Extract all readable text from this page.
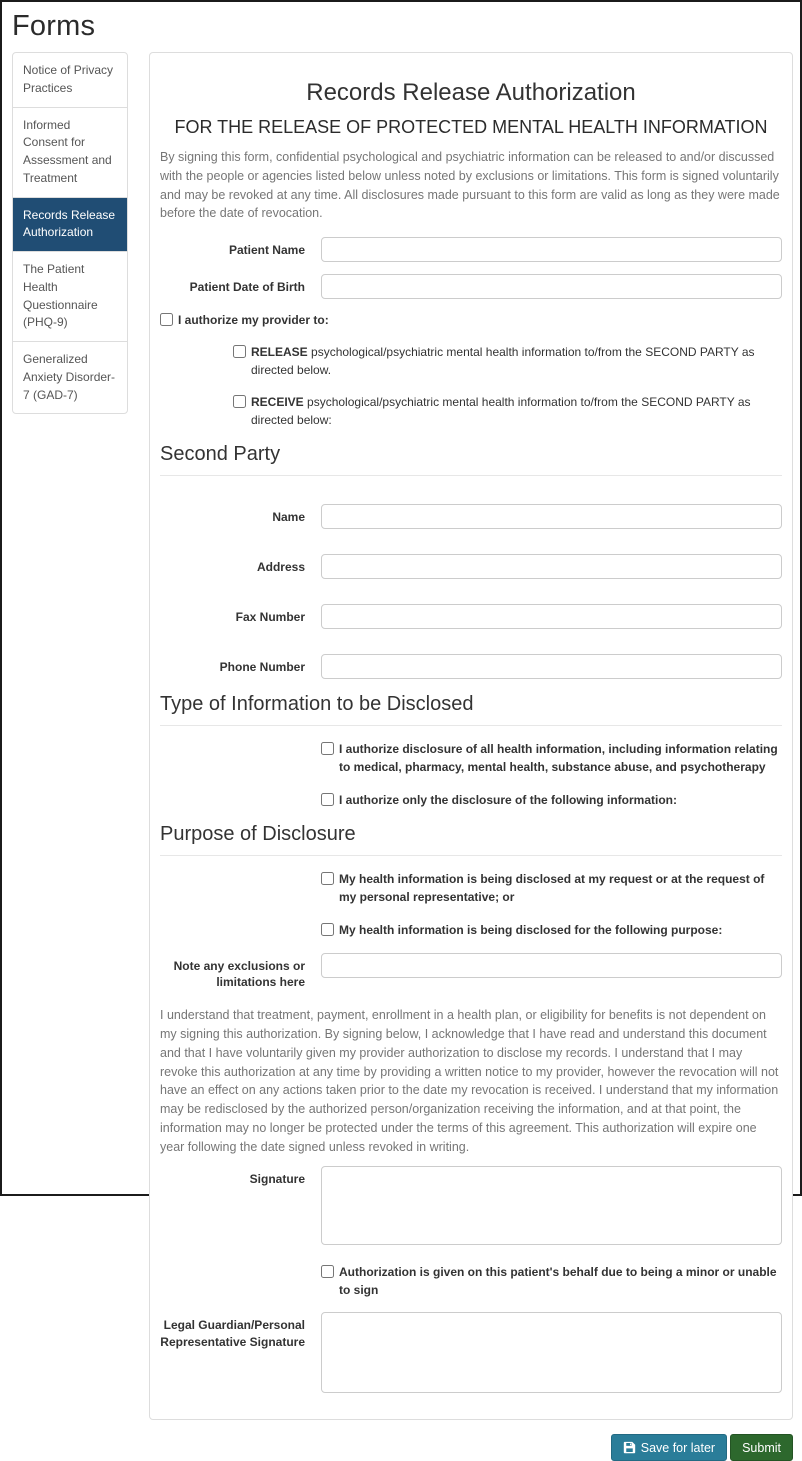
Forms
Notice of Privacy Practices
Informed Consent for Assessment and Treatment
Records Release Authorization
The Patient Health Questionnaire (PHQ-9)
Generalized Anxiety Disorder-7 (GAD-7)
Records Release Authorization
FOR THE RELEASE OF PROTECTED MENTAL HEALTH INFORMATION

By signing this form, confidential psychological and psychiatric information can be released to and/or discussed with the people or agencies listed below unless noted by exclusions or limitations. This form is signed voluntarily and may be revoked at any time. All disclosures made pursuant to this form are valid as long as they were made before the date of revocation.

Patient Name
Patient Date of Birth
I authorize my provider to:
RELEASE psychological/psychiatric mental health information to/from the SECOND PARTY as directed below.
RECEIVE psychological/psychiatric mental health information to/from the SECOND PARTY as directed below:
Second Party
Name
Address
Fax Number
Phone Number
Type of Information to be Disclosed
I authorize disclosure of all health information, including information relating to medical, pharmacy, mental health, substance abuse, and psychotherapy
I authorize only the disclosure of the following information:
Purpose of Disclosure
My health information is being disclosed at my request or at the request of my personal representative; or
My health information is being disclosed for the following purpose:
Note any exclusions or limitations here

I understand that treatment, payment, enrollment in a health plan, or eligibility for benefits is not dependent on my signing this authorization. By signing below, I acknowledge that I have read and understand this document and that I have voluntarily given my provider authorization to disclose my records. I understand that I may revoke this authorization at any time by providing a written notice to my provider, however the revocation will not have an effect on any actions taken prior to the date my revocation is received. I understand that my information may be redisclosed by the authorized person/organization receiving the information, and at that point, the information may no longer be protected under the terms of this agreement. This authorization will expire one year following the date signed unless revoked in writing.

Signature
Authorization is given on this patient's behalf due to being a minor or unable to sign
Legal Guardian/Personal Representative Signature
Save for later	Submit
